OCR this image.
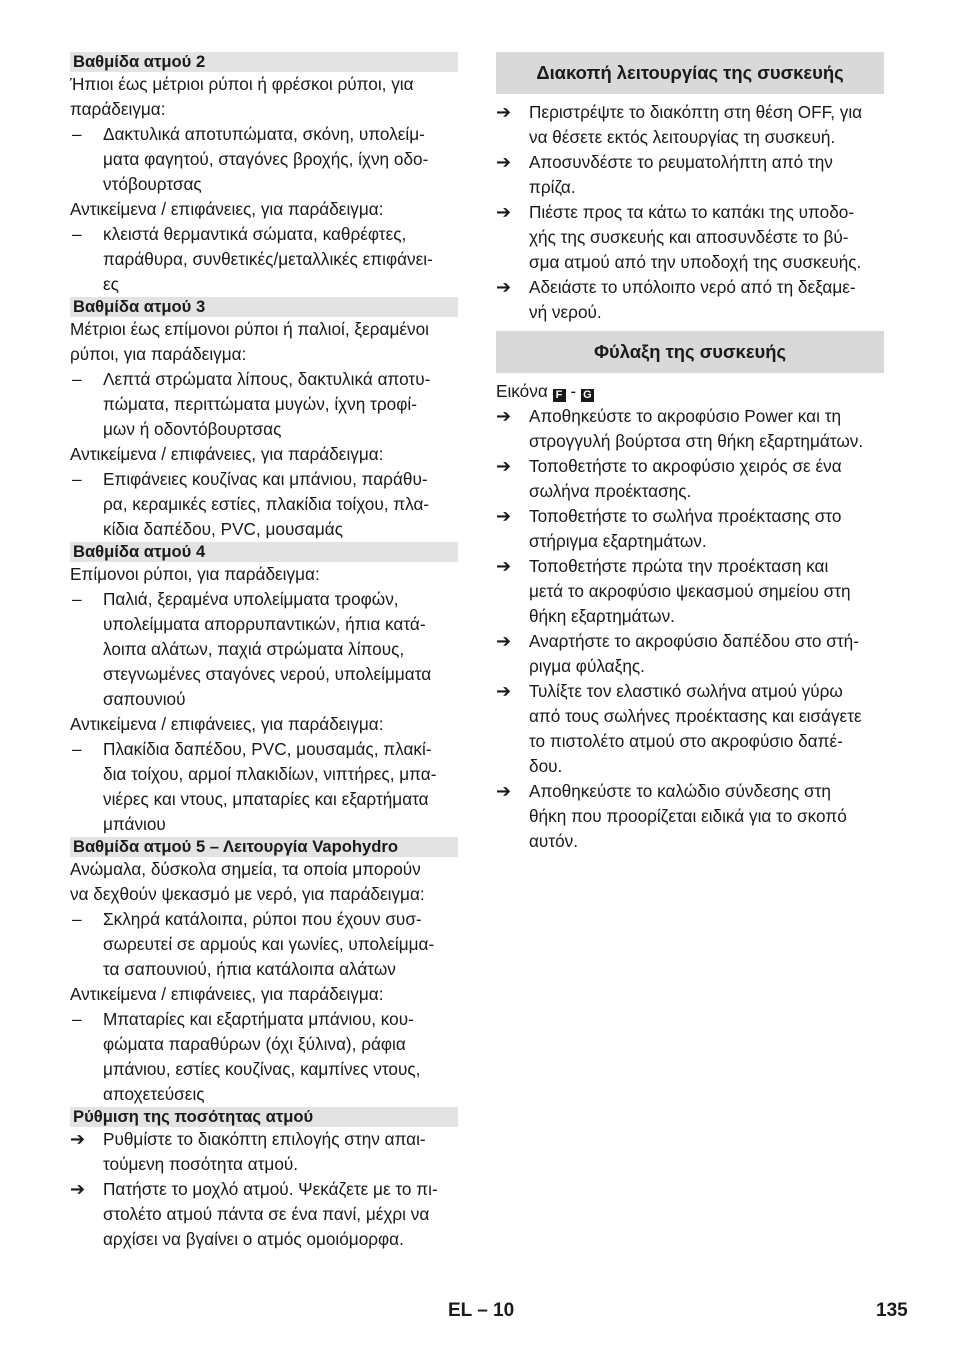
Βαθμίδα ατμού 2

Ήπιοι έως μέτριοι ρύποι ή φρέσκοι ρύποι, για
παράδειγμα:

– Δακτυλικά αποτυπώματα, σκόνη, υπολείμ-
ματα φαγητού, σταγόνες βροχής, ίχνη οδο-
ντόβουρτσας

Αντικείμενα / επιφάνειες, για παράδειγμα:

– κλειστά θερμαντικά σώματα, καθρέφτες,
παράθυρα, συνθετικές/μεταλλικές επιφάνει-
ες
Βαθμίδα ατμού 3

Μέτριοι έως επίμονοι ρύποι ή παλιοί, ξεραμένοι
ρύποι, για παράδειγμα:

– Λεπτά στρώματα λίπους, δακτυλικά αποτυ-
πώματα, περιττώματα μυγών, ίχνη τροφί-
μων ή οδοντόβουρτσας

Αντικείμενα / επιφάνειες, για παράδειγμα:

– Επιφάνειες κουζίνας και μπάνιου, παράθυ-
ρα, κεραμικές εστίες, πλακίδια τοίχου, πλα-
κίδια δαπέδου, PVC, μουσαμάς
Βαθμίδα ατμού 4

Επίμονοι ρύποι, για παράδειγμα:

– Παλιά, ξεραμένα υπολείμματα τροφών,
υπολείμματα απορρυπαντικών, ήπια κατά-
λοιπα αλάτων, παχιά στρώματα λίπους,
στεγνωμένες σταγόνες νερού, υπολείμματα
σαπουνιού

Αντικείμενα / επιφάνειες, για παράδειγμα:

– Πλακίδια δαπέδου, PVC, μουσαμάς, πλακί-
δια τοίχου, αρμοί πλακιδίων, νιπτήρες, μπα-
νιέρες και ντους, μπαταρίες και εξαρτήματα
μπάνιου
Βαθμίδα ατμού 5 – Λειτουργία Vapohydro

Ανώμαλα, δύσκολα σημεία, τα οποία μπορούν
να δεχθούν ψεκασμό με νερό, για παράδειγμα:

– Σκληρά κατάλοιπα, ρύποι που έχουν συσ-
σωρευτεί σε αρμούς και γωνίες, υπολείμμα-
τα σαπουνιού, ήπια κατάλοιπα αλάτων

Αντικείμενα / επιφάνειες, για παράδειγμα:

– Μπαταρίες και εξαρτήματα μπάνιου, κου-
φώματα παραθύρων (όχι ξύλινα), ράφια
μπάνιου, εστίες κουζίνας, καμπίνες ντους,
αποχετεύσεις
Ρύθμιση της ποσότητας ατμού
➔ Ρυθμίστε το διακόπτη επιλογής στην απαι-
τούμενη ποσότητα ατμού.
➔ Πατήστε το μοχλό ατμού. Ψεκάζετε με το πι-
στολέτο ατμού πάντα σε ένα πανί, μέχρι να
αρχίσει να βγαίνει ο ατμός ομοιόμορφα.
Διακοπή λειτουργίας της συσκευής
➔ Περιστρέψτε το διακόπτη στη θέση OFF, για
να θέσετε εκτός λειτουργίας τη συσκευή.
➔ Αποσυνδέστε το ρευματολήπτη από την
πρίζα.
➔ Πιέστε προς τα κάτω το καπάκι της υποδο-
χής της συσκευής και αποσυνδέστε το βύ-
σμα ατμού από την υποδοχή της συσκευής.
➔ Αδειάστε το υπόλοιπο νερό από τη δεξαμε-
νή νερού.
Φύλαξη της συσκευής

Εικόνα F - G

➔ Αποθηκεύστε το ακροφύσιο Power και τη
στρογγυλή βούρτσα στη θήκη εξαρτημάτων.
➔ Τοποθετήστε το ακροφύσιο χειρός σε ένα
σωλήνα προέκτασης.
➔ Τοποθετήστε το σωλήνα προέκτασης στο
στήριγμα εξαρτημάτων.
➔ Τοποθετήστε πρώτα την προέκταση και
μετά το ακροφύσιο ψεκασμού σημείου στη
θήκη εξαρτημάτων.
➔ Αναρτήστε το ακροφύσιο δαπέδου στο στή-
ριγμα φύλαξης.
➔ Τυλίξτε τον ελαστικό σωλήνα ατμού γύρω
από τους σωλήνες προέκτασης και εισάγετε
το πιστολέτο ατμού στο ακροφύσιο δαπέ-
δου.
➔ Αποθηκεύστε το καλώδιο σύνδεσης στη
θήκη που προορίζεται ειδικά για το σκοπό
αυτόν.
EL – 10	135
